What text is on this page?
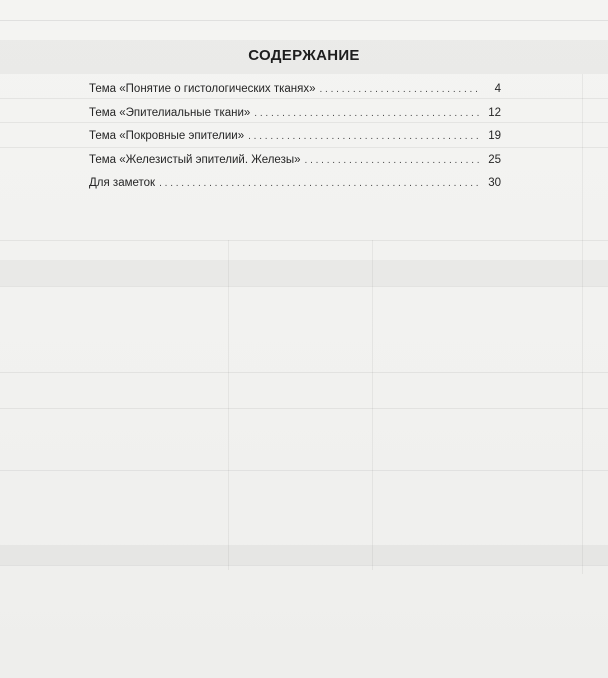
СОДЕРЖАНИЕ
Тема «Понятие о гистологических тканях» . . .	4
Тема «Эпителиальные ткани» . . .	12
Тема «Покровные эпителии» . . .	19
Тема «Железистый эпителий. Железы» . . .	25
Для заметок . . .	30
